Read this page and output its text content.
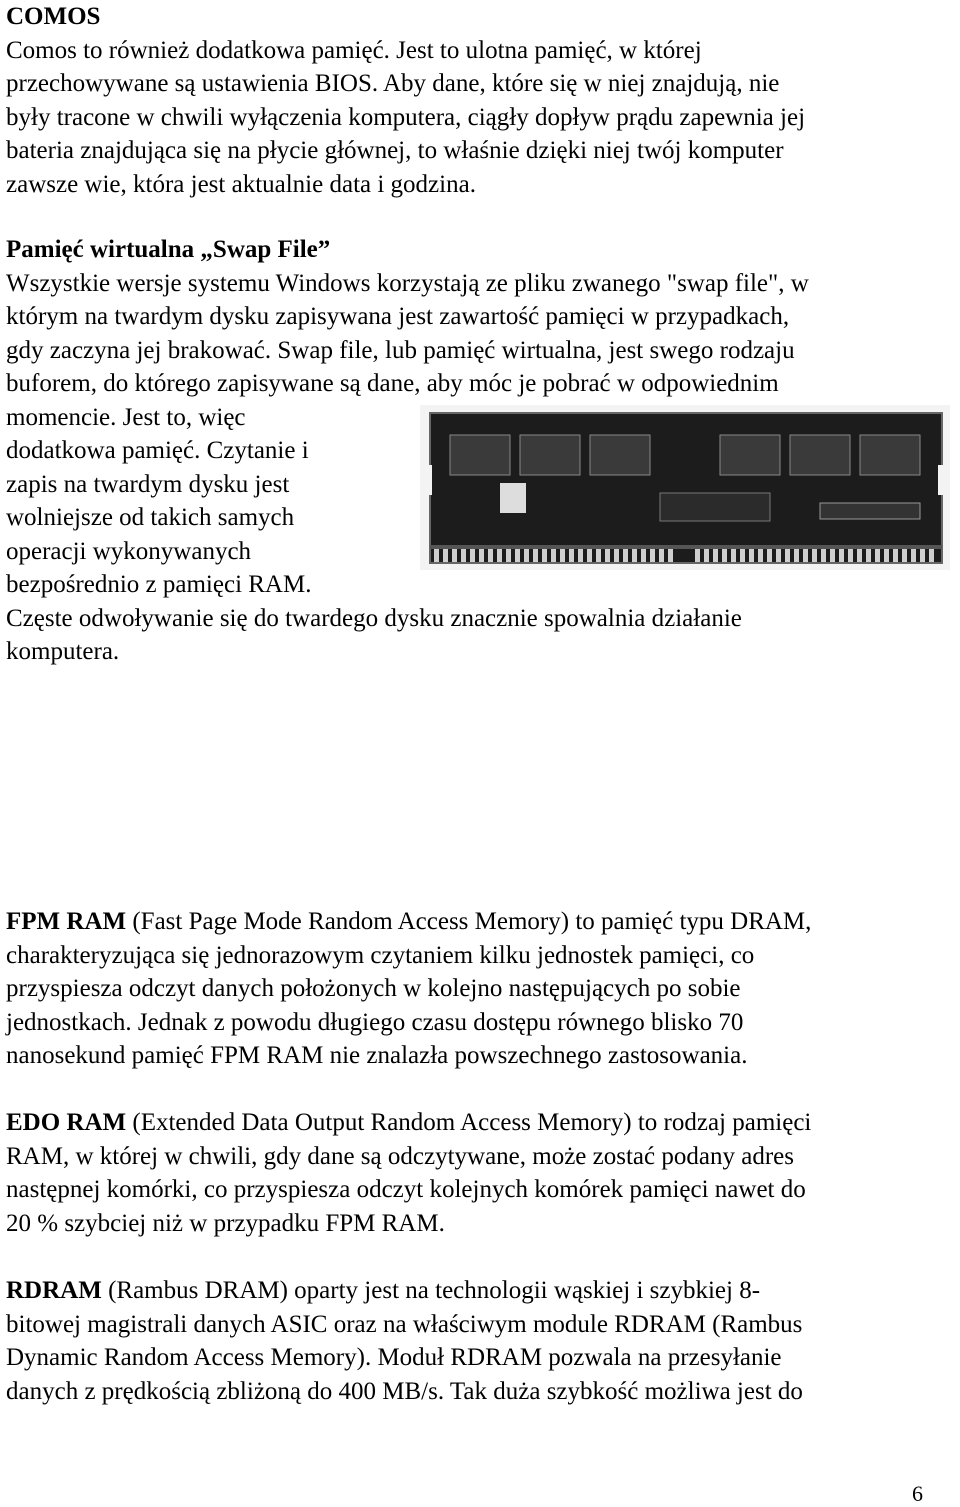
COMOS
Comos to również dodatkowa pamięć. Jest to ulotna pamięć, w której
przechowywane są ustawienia BIOS. Aby dane, które się w niej znajdują, nie
były tracone w chwili wyłączenia komputera, ciągły dopływ prądu zapewnia jej
bateria znajdująca się na płycie głównej, to właśnie dzięki niej twój komputer
zawsze wie, która jest aktualnie data i godzina.
Pamięć wirtualna „Swap File”
Wszystkie wersje systemu Windows korzystają ze pliku zwanego "swap file", w
którym na twardym dysku zapisywana jest zawartość pamięci w przypadkach,
gdy zaczyna jej brakować. Swap file, lub pamięć wirtualna, jest swego rodzaju
buforem, do którego zapisywane są dane, aby móc je pobrać w odpowiednim
momencie. Jest to, więc
dodatkowa pamięć. Czytanie i
zapis na twardym dysku jest
wolniejsze od takich samych
operacji wykonywanych
bezpośrednio z pamięci RAM.
Częste odwoływanie się do twardego dysku znacznie spowalnia działanie
komputera.
FPM RAM (Fast Page Mode Random Access Memory) to pamięć typu DRAM,
charakteryzująca się jednorazowym czytaniem kilku jednostek pamięci, co
przyspiesza odczyt danych położonych w kolejno następujących po sobie
jednostkach. Jednak z powodu długiego czasu dostępu równego blisko 70
nanosekund pamięć FPM RAM nie znalazła powszechnego zastosowania.
EDO RAM (Extended Data Output Random Access Memory) to rodzaj pamięci
RAM, w której w chwili, gdy dane są odczytywane, może zostać podany adres
następnej komórki, co przyspiesza odczyt kolejnych komórek pamięci nawet do
20 % szybciej niż w przypadku FPM RAM.
RDRAM (Rambus DRAM) oparty jest na technologii wąskiej i szybkiej 8-
bitowej magistrali danych ASIC oraz na właściwym module RDRAM (Rambus
Dynamic Random Access Memory). Moduł RDRAM pozwala na przesyłanie
danych z prędkością zbliżoną do 400 MB/s. Tak duża szybkość możliwa jest do
6
